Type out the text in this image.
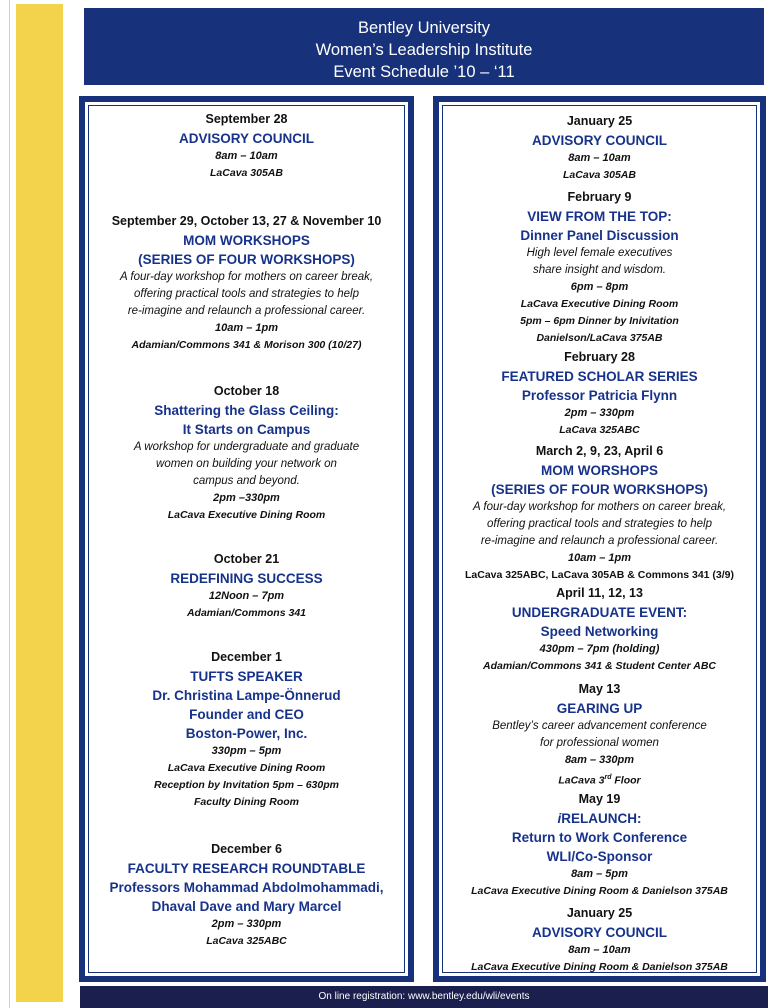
Bentley University
Women’s Leadership Institute
Event Schedule ’10 – ‘11
September 28
ADVISORY COUNCIL
8am – 10am
LaCava 305AB
September 29, October 13, 27 & November 10
MOM WORKSHOPS
(SERIES OF FOUR WORKSHOPS)
A four-day workshop for mothers on career break,
offering practical tools and strategies to help
re-imagine and relaunch a professional career.
10am – 1pm
Adamian/Commons 341 & Morison 300 (10/27)
October 18
Shattering the Glass Ceiling:
It Starts on Campus
A workshop for undergraduate and graduate
women on building your network on
campus and beyond.
2pm –330pm
LaCava Executive Dining Room
October 21
REDEFINING SUCCESS
12Noon – 7pm
Adamian/Commons 341
December 1
TUFTS SPEAKER
Dr. Christina Lampe-Önnerud
Founder and CEO
Boston-Power, Inc.
330pm – 5pm
LaCava Executive Dining Room
Reception by Invitation 5pm – 630pm
Faculty Dining Room
December 6
FACULTY RESEARCH ROUNDTABLE
Professors Mohammad Abdolmohammadi,
Dhaval Dave and Mary Marcel
2pm – 330pm
LaCava 325ABC
January 25
ADVISORY COUNCIL
8am – 10am
LaCava 305AB
February 9
VIEW FROM THE TOP:
Dinner Panel Discussion
High level female executives
share insight and wisdom.
6pm – 8pm
LaCava Executive Dining Room
5pm – 6pm Dinner by Inivitation
Danielson/LaCava 375AB
February 28
FEATURED SCHOLAR SERIES
Professor Patricia Flynn
2pm – 330pm
LaCava 325ABC
March 2, 9, 23, April 6
MOM WORSHOPS
(SERIES OF FOUR WORKSHOPS)
A four-day workshop for mothers on career break,
offering practical tools and strategies to help
re-imagine and relaunch a professional career.
10am – 1pm
LaCava 325ABC, LaCava 305AB & Commons 341 (3/9)
April 11, 12, 13
UNDERGRADUATE EVENT:
Speed Networking
430pm – 7pm (holding)
Adamian/Commons 341 & Student Center ABC
May 13
GEARING UP
Bentley’s career advancement conference
for professional women
8am – 330pm
LaCava 3rd Floor
May 19
iRELAUNCH:
Return to Work Conference
WLI/Co-Sponsor
8am – 5pm
LaCava Executive Dining Room & Danielson 375AB
January 25
ADVISORY COUNCIL
8am – 10am
LaCava Executive Dining Room & Danielson 375AB
On line registration: www.bentley.edu/wli/events
